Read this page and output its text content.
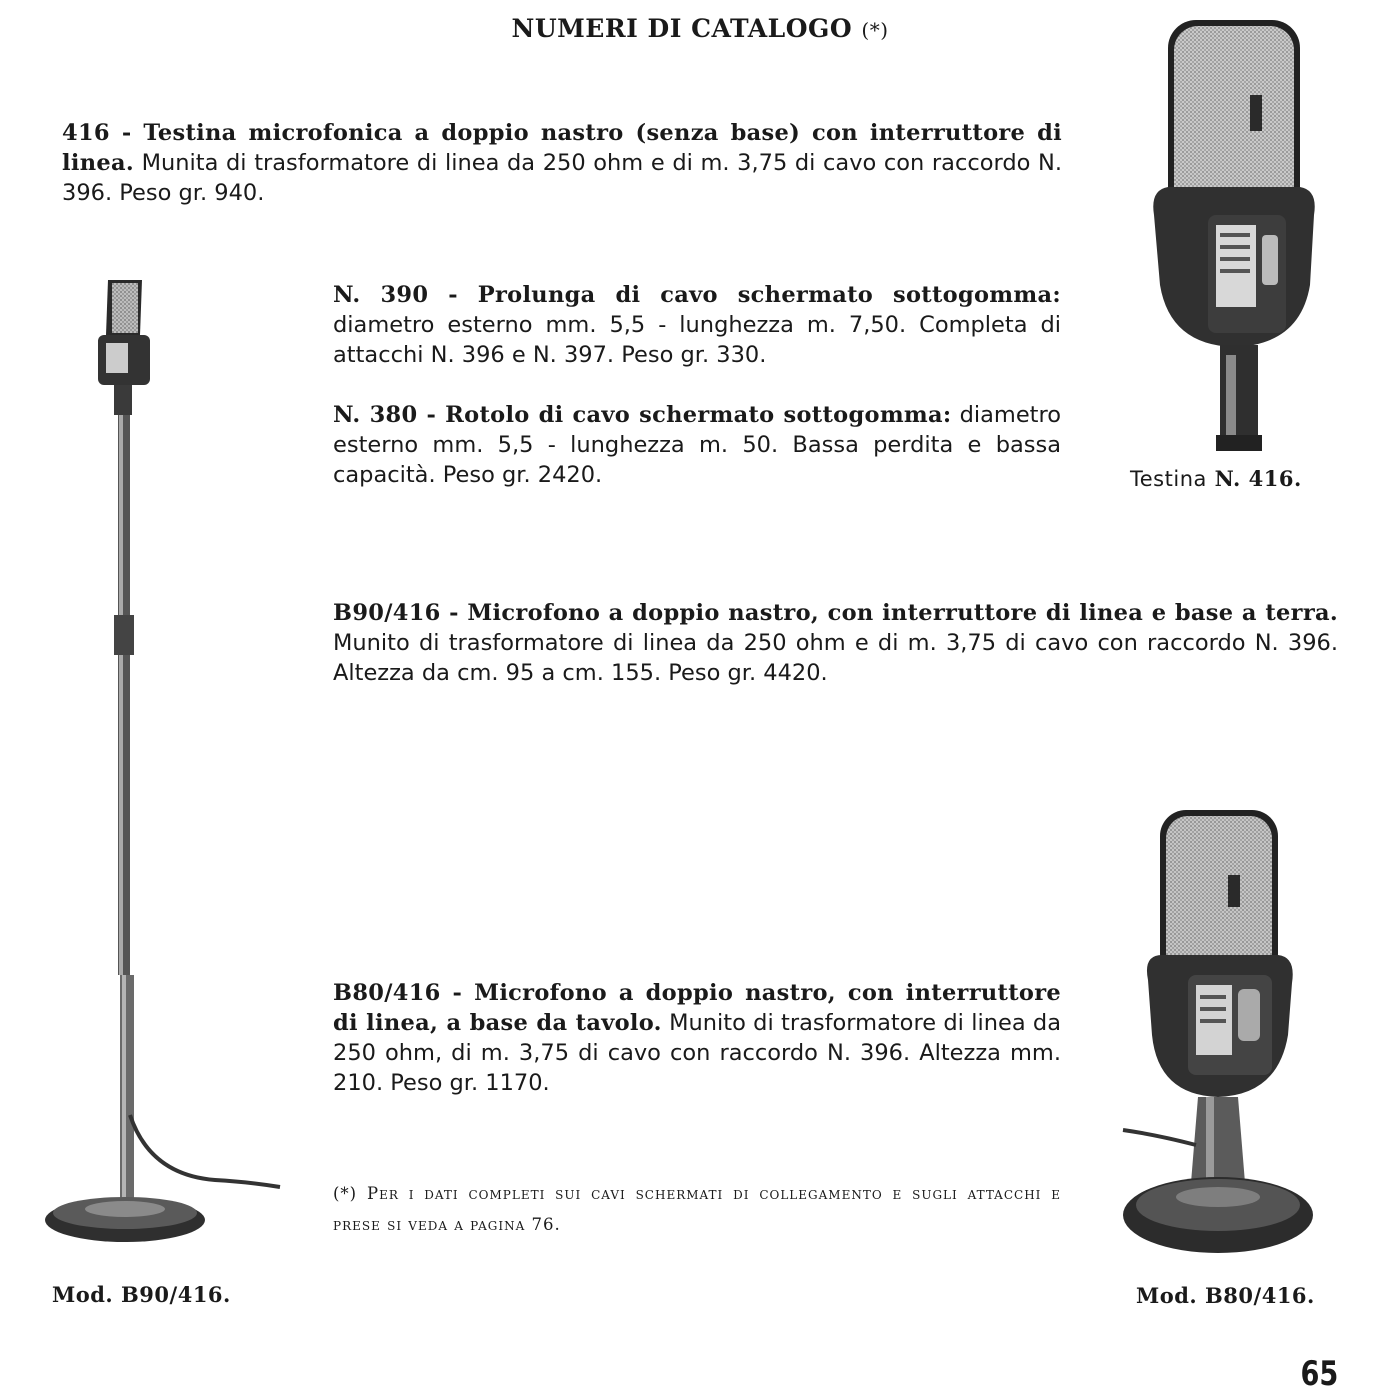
NUMERI DI CATALOGO (*)

416 - Testina microfonica a doppio nastro (senza base) con interruttore di linea. Munita di trasformatore di linea da 250 ohm e di m. 3,75 di cavo con raccordo N. 396. Peso gr. 940.

N. 390 - Prolunga di cavo schermato sottogomma: diametro esterno mm. 5,5 - lunghezza m. 7,50. Completa di attacchi N. 396 e N. 397. Peso gr. 330.

N. 380 - Rotolo di cavo schermato sottogomma: diametro esterno mm. 5,5 - lunghezza m. 50. Bassa perdita e bassa capacità. Peso gr. 2420.

B90/416 - Microfono a doppio nastro, con interruttore di linea e base a terra. Munito di trasformatore di linea da 250 ohm e di m. 3,75 di cavo con raccordo N. 396. Altezza da cm. 95 a cm. 155. Peso gr. 4420.

B80/416 - Microfono a doppio nastro, con interruttore di linea, a base da tavolo. Munito di trasformatore di linea da 250 ohm, di m. 3,75 di cavo con raccordo N. 396. Altezza mm. 210. Peso gr. 1170.

(*) Per i dati completi sui cavi schermati di collegamento e sugli attacchi e prese si veda a pagina 76.
Testina N. 416.
Mod. B90/416.	Mod. B80/416.
65
